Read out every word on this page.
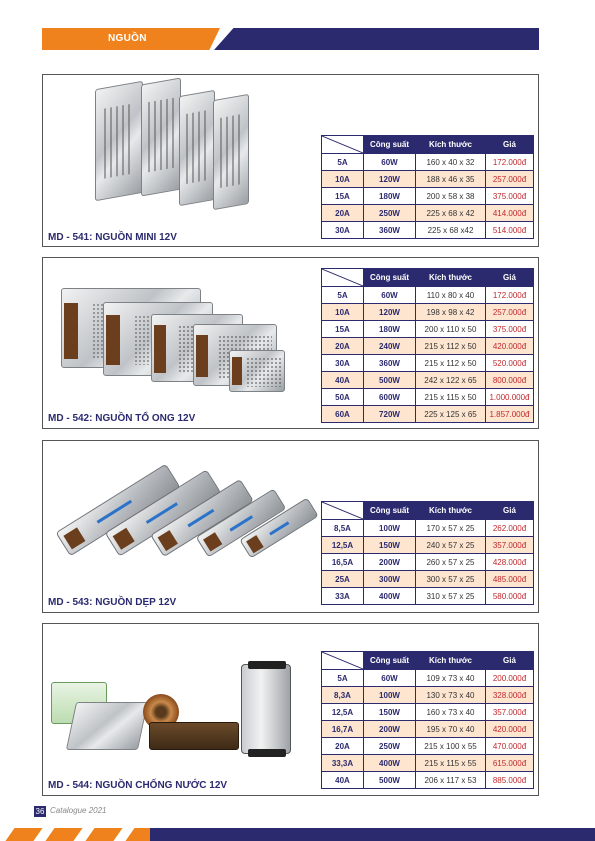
NGUỒN
	Công suất	Kích thước	Giá
5A	60W	160 x 40 x 32	172.000đ
10A	120W	188 x 46 x 35	257.000đ
15A	180W	200 x 58 x 38	375.000đ
20A	250W	225 x 68 x 42	414.000đ
30A	360W	225 x 68 x42	514.000đ
MD - 541: NGUỒN MINI 12V
	Công suất	Kích thước	Giá
5A	60W	110 x 80 x 40	172.000đ
10A	120W	198 x 98 x 42	257.000đ
15A	180W	200 x 110 x 50	375.000đ
20A	240W	215 x 112 x 50	420.000đ
30A	360W	215 x 112 x 50	520.000đ
40A	500W	242 x 122 x 65	800.000đ
50A	600W	215 x 115 x 50	1.000.000đ
60A	720W	225 x 125 x 65	1.857.000đ
MD - 542: NGUỒN TỔ ONG 12V
	Công suất	Kích thước	Giá
8,5A	100W	170 x 57 x 25	262.000đ
12,5A	150W	240 x 57 x 25	357.000đ
16,5A	200W	260 x 57 x 25	428.000đ
25A	300W	300 x 57 x 25	485.000đ
33A	400W	310 x 57 x 25	580.000đ
MD - 543: NGUỒN DẸP 12V
	Công suất	Kích thước	Giá
5A	60W	109 x 73 x 40	200.000đ
8,3A	100W	130 x 73 x 40	328.000đ
12,5A	150W	160 x 73 x 40	357.000đ
16,7A	200W	195 x 70 x 40	420.000đ
20A	250W	215 x 100 x 55	470.000đ
33,3A	400W	215 x 115 x 55	615.000đ
40A	500W	206 x 117 x 53	885.000đ
MD - 544: NGUỒN CHỐNG NƯỚC 12V
36 Catalogue 2021
